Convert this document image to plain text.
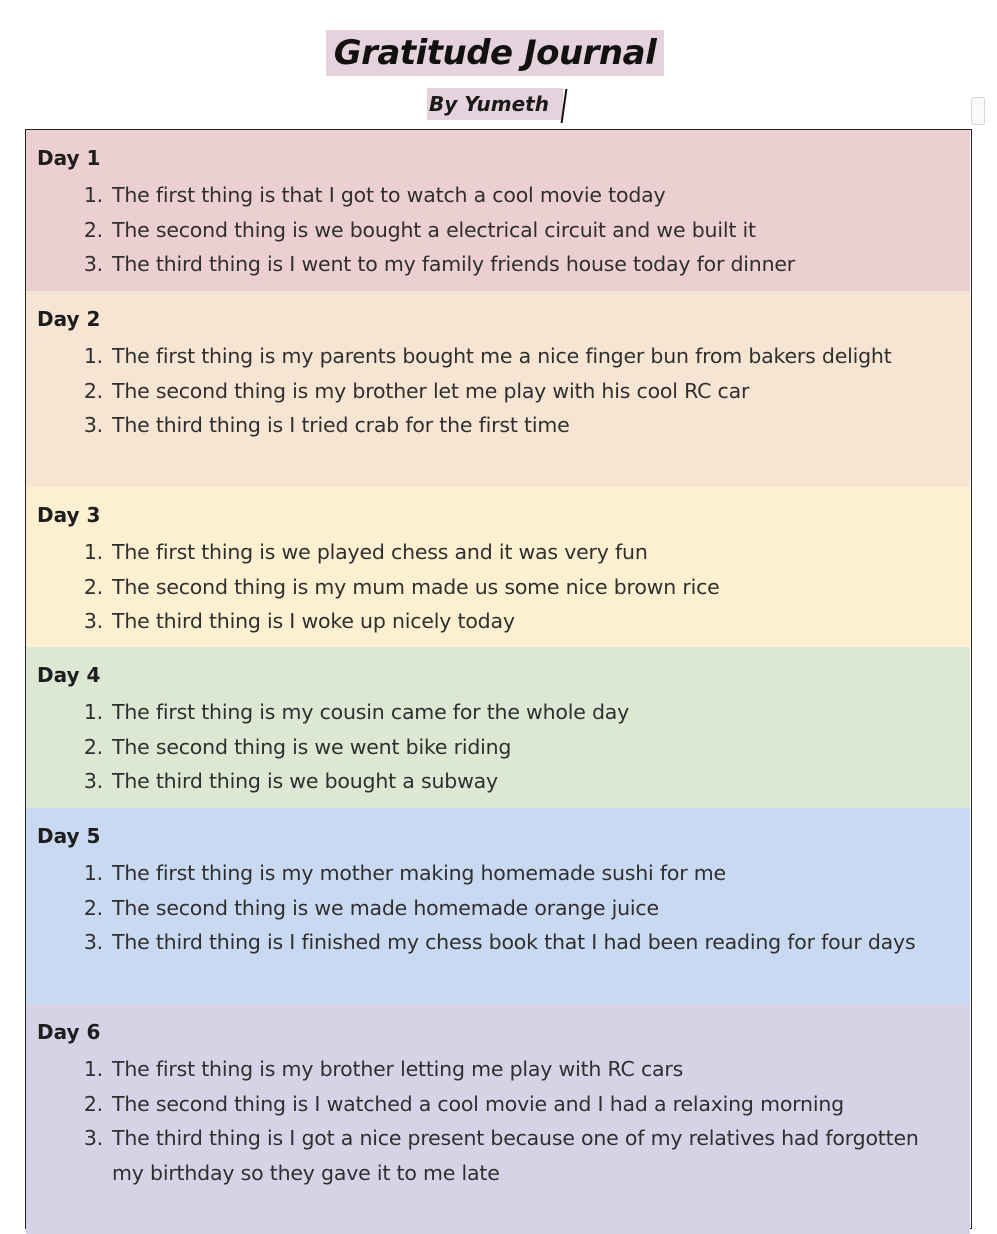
Gratitude Journal
By Yumeth
Day 1
1. The first thing is that I got to watch a cool movie today
2. The second thing is we bought a electrical circuit and we built it
3. The third thing is I went to my family friends house today for dinner
Day 2
1. The first thing is my parents bought me a nice finger bun from bakers delight
2. The second thing is my brother let me play with his cool RC car
3. The third thing is I tried crab for the first time
Day 3
1. The first thing is we played chess and it was very fun
2. The second thing is my mum made us some nice brown rice
3. The third thing is I woke up nicely today
Day 4
1. The first thing is my cousin came for the whole day
2. The second thing is we went bike riding
3. The third thing is we bought a subway
Day 5
1. The first thing is my mother making homemade sushi for me
2. The second thing is we made homemade orange juice
3. The third thing is I finished my chess book that I had been reading for four days
Day 6
1. The first thing is my brother letting me play with RC cars
2. The second thing is I watched a cool movie and I had a relaxing morning
3. The third thing is I got a nice present because one of my relatives had forgotten my birthday so they gave it to me late
